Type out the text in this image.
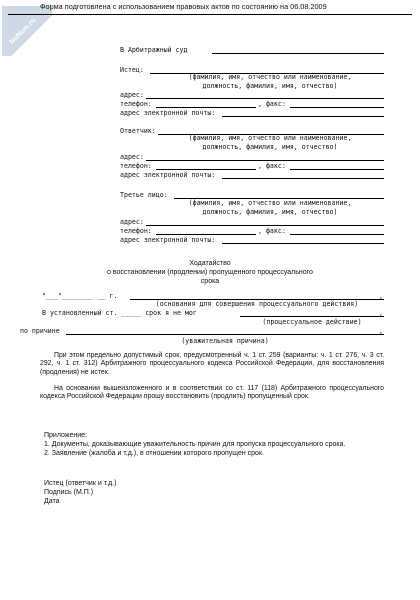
NoNum.ru
Форма подготовлена с использованием правовых актов по состоянию на 06.08.2009
В Арбитражный суд
Истец:
(фамилия, имя, отчество или наименование,
должность, фамилия, имя, отчество)
адрес:
телефон:	, факс:
адрес электронной почты:
Ответчик:
(фамилия, имя, отчество или наименование,
должность, фамилия, имя, отчество)
адрес:
телефон:	, факс:
адрес электронной почты:
Третье лицо:
(фамилия, имя, отчество или наименование,
должность, фамилия, имя, отчество)
адрес:
телефон:	, факс:
адрес электронной почты:
Ходатайство
о восстановлении (продлении) пропущенного процессуального
срока
"___"________ __ г.	,
(основания для совершения процессуального действия)
В установленный ст. _____ срок я не мог	,
(процессуальное действие)
по причине	,
(уважительная причина)
При этом предельно допустимый срок, предусмотренный ч. 1 ст. 259 (варианты: ч. 1 ст. 276, ч. 3 ст. 292, ч. 1 ст. 312) Арбитражного процессуального кодекса Российской Федерации, для восстановления (продления) не истек.
На основании вышеизложенного и в соответствии со ст. 117 (118) Арбитражного процессуального кодекса Российской Федерации прошу восстановить (продлить) пропущенный срок.
Приложение:
1. Документы, доказывающие уважительность причин для пропуска процессуального срока.
2. Заявление (жалоба и т.д.), в отношении которого пропущен срок.
Истец (ответчик и т.д.)
Подпись (М.П.)
Дата
